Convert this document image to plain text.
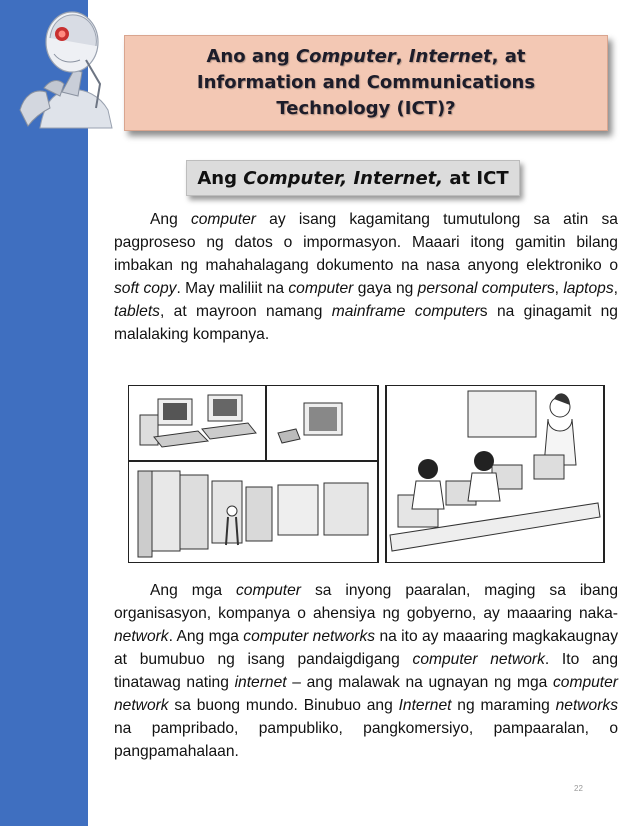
Ano ang Computer, Internet, at
Information and Communications
Technology (ICT)?
Ang Computer, Internet, at ICT
Ang computer ay isang kagamitang tumutulong sa atin sa pagproseso ng datos o impormasyon. Maaari itong gamitin bilang imbakan ng mahahalagang dokumento na nasa anyong elektroniko o soft copy. May maliliit na computer gaya ng personal computers, laptops, tablets, at mayroon namang mainframe computers na ginagamit ng malalaking kompanya.
Ang mga computer sa inyong paaralan, maging sa ibang organisasyon, kompanya o ahensiya ng gobyerno, ay maaaring naka-network. Ang mga computer networks na ito ay maaaring magkakaugnay at bumubuo ng isang pandaigdigang computer network. Ito ang tinatawag nating internet – ang malawak na ugnayan ng mga computer network sa buong mundo. Binubuo ang Internet ng maraming networks na pampribado, pampubliko, pangkomersiyo, pampaaralan, o pangpamahalaan.
22
